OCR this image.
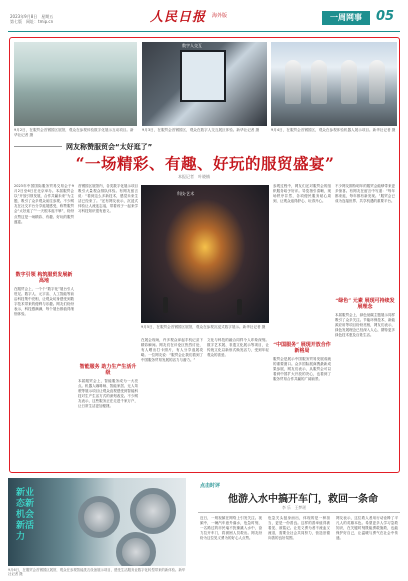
2023年9月8日　星期五
第七版　网址：tmip.cn	人民日报 海外版	一周网事	05
数字人交互
9月2日，在服贸会首钢园区展馆，观众在参观体验数字化展示互动项目。新华社记者 摄
9月3日，在服贸会首钢园区，观众在数字人交互展区体验。新华社记者 摄	9月4日，在服贸会首钢园区，观众在参观体验机器人展示项目。新华社记者 摄
网友称赞服贸会“太好逛了”
“一场精彩、有趣、好玩的服贸盛宴”
本报记者　叶晓楠
2023年中国国际服务贸易交易会于9月2日至6日在北京举办。本届服贸会以“开放引领发展，合作共赢未来”为主题，吸引了众多观众前往参观。不少网友在社交平台分享逛展感受，称赞服贸会“太好逛了”“一天根本逛不够”，纷纷点赞这是一场精彩、有趣、好玩的服贸盛宴。
数字引领 构筑服贸发展新高地
在服贸会上，一个个“数字化”展台引人驻足。数字人、元宇宙、人工智能等前沿科技集中亮相，让观众切身感受到数字技术带来的便利与乐趣。网友们纷纷表示，科技感满满，每个展台都值得细细体验。
首钢园区展馆内，各类数字化展示项目吸引大量观众排队体验。有网友留言说：“看到这么多新技术，感觉未来生活已经来了。”还有网友表示，沉浸式体验让人流连忘返，带着孩子一起来学习科技知识很有意义。
智能服务 助力生产生活升级
本届服贸会上，智能服务成为一大亮点。机器人咖啡师、智能家居、无人驾驶等展示项目让观众直观感受到智能科技对生产生活方式的深刻改变。不少网友表示，这些服务正在走进千家万户，让日常生活更加便捷。
科技·艺术
9月5日，在服贸会首钢园区展馆，观众在参观沉浸式数字展示。新华社记者 摄
在展会现场，许多观众拿起手机记录下精彩瞬间。网友们在评论区热烈讨论，有人晒出打卡照片，有人分享逛展攻略。一位网友说：“服贸会让我们看到了中国服务贸易发展的活力与潜力。”
文化与科技的融合同样令人印象深刻。数字艺术展、非遗文化展示等项目，让传统文化以新形式焕发活力，受到年轻观众的喜爱。
参观过程中，网友们还对服贸会的组织服务给予好评。导览指引清晰，现场秩序井然，各项便民服务贴心周到，让观众逛得舒心、玩得开心。
“中国服务” 展现开放合作新格局
服贸会是展示中国服务贸易发展成就的重要窗口。众多国际展商携最新成果参展，网友们表示，从服贸会可以看到中国扩大开放的决心，也看到了服务贸易合作共赢的广阔前景。
不少网友期待明年的服贸会能够带来更多惊喜。有网友在留言中写道：“每年都来逛，每年都有新发现。”服贸会已成为连接世界、共享机遇的重要平台。
“绿色” 元素 展现可持续发展理念
本届服贸会上，绿色低碳主题展示同样吸引了众多关注。节能环保技术、新能源应用等项目纷纷亮相，网友们表示，绿色发展理念已经深入人心，期待更多绿色技术惠及百姓生活。
新业态新机会新活力
9月6日，在服贸会首钢园区展馆，观众在参观智能洗衣设备展示项目，感受生活服务业数字化转型带来的新体验。新华社记者 摄
点击时评
他游入水中搞开车门，救回一条命
李 乐　王梦瑶
近日，一则视频在网络上引发关注。视频中，一辆汽车意外落水，危急时刻，一名路过的市民毫不犹豫跳入水中，奋力拉开车门，将被困人员救出。网友纷纷为这位见义勇为的好心人点赞。
危急关头挺身而出，体现的是一种担当，更是一份善良。这样的善举值得被看见、被铭记。让见义勇为者不流血又流泪，需要全社会共同努力，营造崇德向善的良好氛围。
网友表示，这位救人者用行动诠释了平凡人的英雄本色。希望更多人学习急救知识，在关键时刻既能勇敢施救，也能保护好自己，让温暖与勇气在社会中传递。
